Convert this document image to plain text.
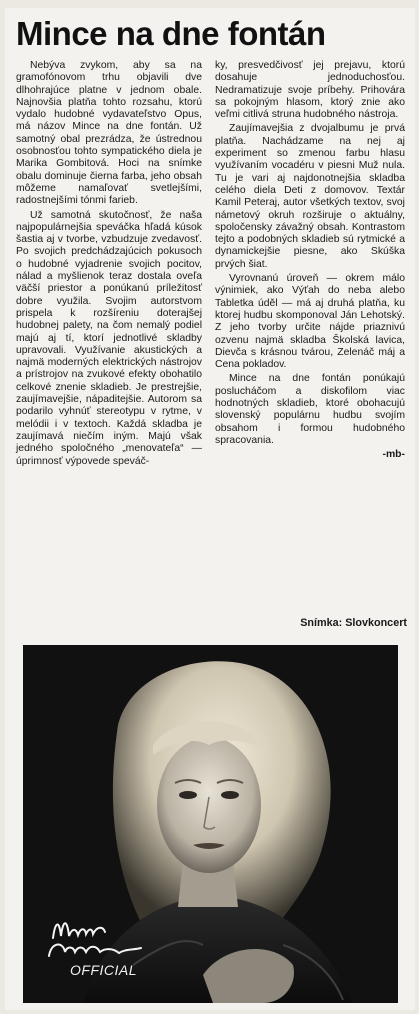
Mince na dne fontán

Nebýva zvykom, aby sa na gramofónovom trhu objavili dve dlhohrajúce platne v jednom obale. Najnovšia platňa tohto rozsahu, ktorú vydalo hudobné vydavateľstvo Opus, má názov Mince na dne fontán. Už samotný obal prezrádza, že ústrednou osobnosťou tohto sympatického diela je Marika Gombitová. Hoci na snímke obalu dominuje čierna farba, jeho obsah môžeme namaľovať svetlejšími, radostnejšími tónmi farieb.

Už samotná skutočnosť, že naša najpopulárnejšia speváčka hľadá kúsok šastia aj v tvorbe, vzbudzuje zvedavosť. Po svojich predchádzajúcich pokusoch o hudobné vyjadrenie svojich pocitov, nálad a myšlienok teraz dostala oveľa väčší priestor a ponúkanú príležitosť dobre využila. Svojim autorstvom prispela k rozšíreniu doterajšej hudobnej palety, na čom nemalý podiel majú aj tí, ktorí jednotlivé skladby upravovali. Využívanie akustických a najmä moderných elektrických nástrojov a prístrojov na zvukové efekty obohatilo celkové znenie skladieb. Je prestrejšie, zaujímavejšie, nápaditejšie. Autorom sa podarilo vyhnúť stereotypu v rytme, v melódii i v textoch. Každá skladba je zaujímavá niečím iným. Majú však jedného spoločného „menovateľa“ — úprimnosť výpovede speváč-

ky, presvedčivosť jej prejavu, ktorú dosahuje jednoduchosťou. Nedramatizuje svoje príbehy. Prihovára sa pokojným hlasom, ktorý znie ako veľmi citlivá struna hudobného nástroja.

Zaujímavejšia z dvojalbumu je prvá platňa. Nachádzame na nej aj experiment so zmenou farbu hlasu využívaním vocadéru v piesni Muž nula. Tu je vari aj najdonotnejšia skladba celého diela Deti z domovov. Textár Kamil Peteraj, autor všetkých textov, svoj námetový okruh rozširuje o aktuálny, spoločensky závažný obsah. Kontrastom tejto a podobných skladieb sú rytmické a dynamickejšie piesne, ako Skúška prvých šiat.

Vyrovnanú úroveň — okrem málo výnimiek, ako Výťah do neba alebo Tabletka úděl — má aj druhá platňa, ku ktorej hudbu skomponoval Ján Lehotský. Z jeho tvorby určite nájde priaznivú ozvenu najmä skladba Školská lavica, Dievča s krásnou tvárou, Zelenáč máj a Cena pokladov.

Mince na dne fontán ponúkajú poslucháčom a diskofilom viac hodnotných skladieb, ktoré obohacujú slovenský populárnu hudbu svojím obsahom i formou hudobného spracovania.

-mb-

Snímka: Slovkoncert
OFFICIAL
